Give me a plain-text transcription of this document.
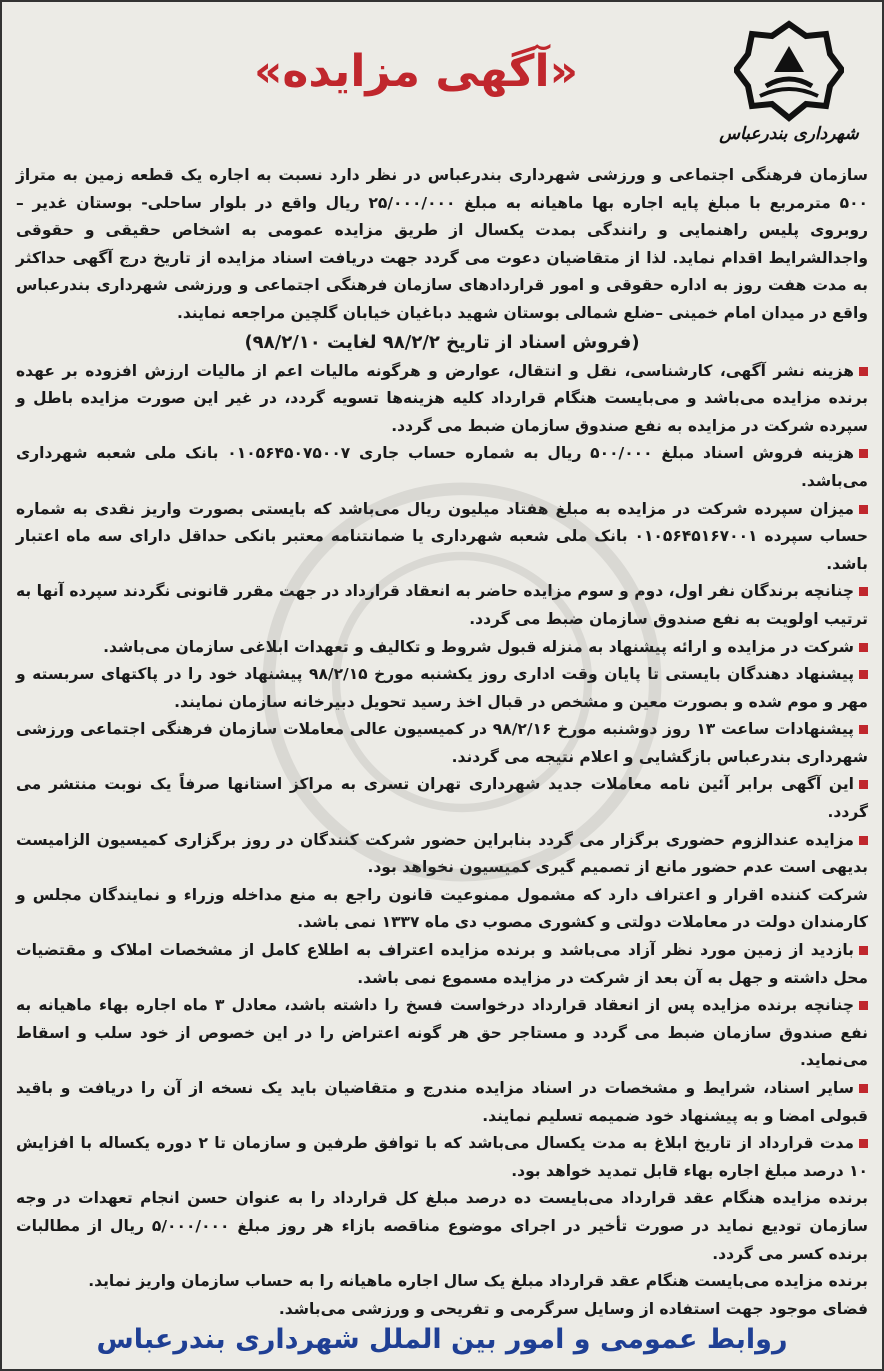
شهرداری بندرعباس
«آگهی مزایده»

سازمان فرهنگی اجتماعی و ورزشی شهرداری بندرعباس در نظر دارد نسبت به اجاره یک قطعه زمین به متراژ ۵۰۰ مترمربع با مبلغ پایه اجاره بها ماهیانه به مبلغ ۲۵/۰۰۰/۰۰۰ ریال واقع در بلوار ساحلی- بوستان غدیر – روبروی پلیس راهنمایی و رانندگی بمدت یکسال از طریق مزایده عمومی به اشخاص حقیقی و حقوقی واجدالشرایط اقدام نماید. لذا از متقاضیان دعوت می گردد جهت دریافت اسناد مزایده از تاریخ درج آگهی حداکثر به مدت هفت روز به اداره حقوقی و امور قراردادهای سازمان فرهنگی اجتماعی و ورزشی شهرداری بندرعباس واقع در میدان امام خمینی –ضلع شمالی بوستان شهید دباغیان خیابان گلچین مراجعه نمایند.

(فروش اسناد از تاریخ ۹۸/۲/۲ لغایت ۹۸/۲/۱۰)

هزینه نشر آگهی، کارشناسی، نقل و انتقال، عوارض و هرگونه مالیات اعم از مالیات ارزش افزوده بر عهده برنده مزایده می‌باشد و می‌بایست هنگام قرارداد کلیه هزینه‌ها تسویه گردد، در غیر این صورت مزایده باطل و سپرده شرکت در مزایده به نفع صندوق سازمان ضبط می گردد.

هزینه فروش اسناد مبلغ ۵۰۰/۰۰۰ ریال به شماره حساب جاری ۰۱۰۵۶۴۵۰۷۵۰۰۷ بانک ملی شعبه شهرداری می‌باشد.

میزان سپرده شرکت در مزایده به مبلغ هفتاد میلیون ریال می‌باشد که بایستی بصورت واریز نقدی به شماره حساب سپرده ۰۱۰۵۶۴۵۱۶۷۰۰۱ بانک ملی شعبه شهرداری یا ضمانتنامه معتبر بانکی حداقل دارای سه ماه اعتبار باشد.

چنانچه برندگان نفر اول، دوم و سوم مزایده حاضر به انعقاد قرارداد در جهت مقرر قانونی نگردند سپرده آنها به ترتیب اولویت به نفع صندوق سازمان ضبط می گردد.

شرکت در مزایده و ارائه پیشنهاد به منزله قبول شروط و تکالیف و تعهدات ابلاغی سازمان می‌باشد.

پیشنهاد دهندگان بایستی تا پایان وقت اداری روز یکشنبه مورخ ۹۸/۲/۱۵ پیشنهاد خود را در پاکتهای سربسته و مهر و موم شده و بصورت معین و مشخص در قبال اخذ رسید تحویل دبیرخانه سازمان نمایند.

پیشنهادات ساعت ۱۳ روز دوشنبه مورخ ۹۸/۲/۱۶ در کمیسیون عالی معاملات سازمان فرهنگی اجتماعی ورزشی شهرداری بندرعباس بازگشایی و اعلام نتیجه می گردند.

این آگهی برابر آئین نامه معاملات جدید شهرداری تهران تسری به مراکز استانها صرفاً یک نوبت منتشر می گردد.

مزایده عندالزوم حضوری برگزار می گردد بنابراین حضور شرکت کنندگان در روز برگزاری کمیسیون الزامیست بدیهی است عدم حضور مانع از تصمیم گیری کمیسیون نخواهد بود.

شرکت کننده اقرار و اعتراف دارد که مشمول ممنوعیت قانون راجع به منع مداخله وزراء و نمایندگان مجلس و کارمندان دولت در معاملات دولتی و کشوری مصوب دی ماه ۱۳۳۷ نمی باشد.

بازدید از زمین مورد نظر آزاد می‌باشد و برنده مزایده اعتراف به اطلاع کامل از مشخصات املاک و مقتضیات محل داشته و جهل به آن بعد از شرکت در مزایده مسموع نمی باشد.

چنانچه برنده مزایده پس از انعقاد قرارداد درخواست فسخ را داشته باشد، معادل ۳ ماه اجاره بهاء ماهیانه به نفع صندوق سازمان ضبط می گردد و مستاجر حق هر گونه اعتراض را در این خصوص از خود سلب و اسقاط می‌نماید.

سایر اسناد، شرایط و مشخصات در اسناد مزایده مندرج و متقاضیان باید یک نسخه از آن را دریافت و باقید قبولی امضا و به پیشنهاد خود ضمیمه تسلیم نمایند.

مدت قرارداد از تاریخ ابلاغ به مدت یکسال می‌باشد که با توافق طرفین و سازمان تا ۲ دوره یکساله با افزایش ۱۰ درصد مبلغ اجاره بهاء قابل تمدید خواهد بود.

برنده مزایده هنگام عقد قرارداد می‌بایست ده درصد مبلغ کل قرارداد را به عنوان حسن انجام تعهدات در وجه سازمان تودیع نماید در صورت تأخیر در اجرای موضوع مناقصه بازاء هر روز مبلغ ۵/۰۰۰/۰۰۰ ریال از مطالبات برنده کسر می گردد.

برنده مزایده می‌بایست هنگام عقد قرارداد مبلغ یک سال اجاره ماهیانه را به حساب سازمان واریز نماید.

فضای موجود جهت استفاده از وسایل سرگرمی و تفریحی و ورزشی می‌باشد.

روابط عمومی و امور بین الملل شهرداری بندرعباس
